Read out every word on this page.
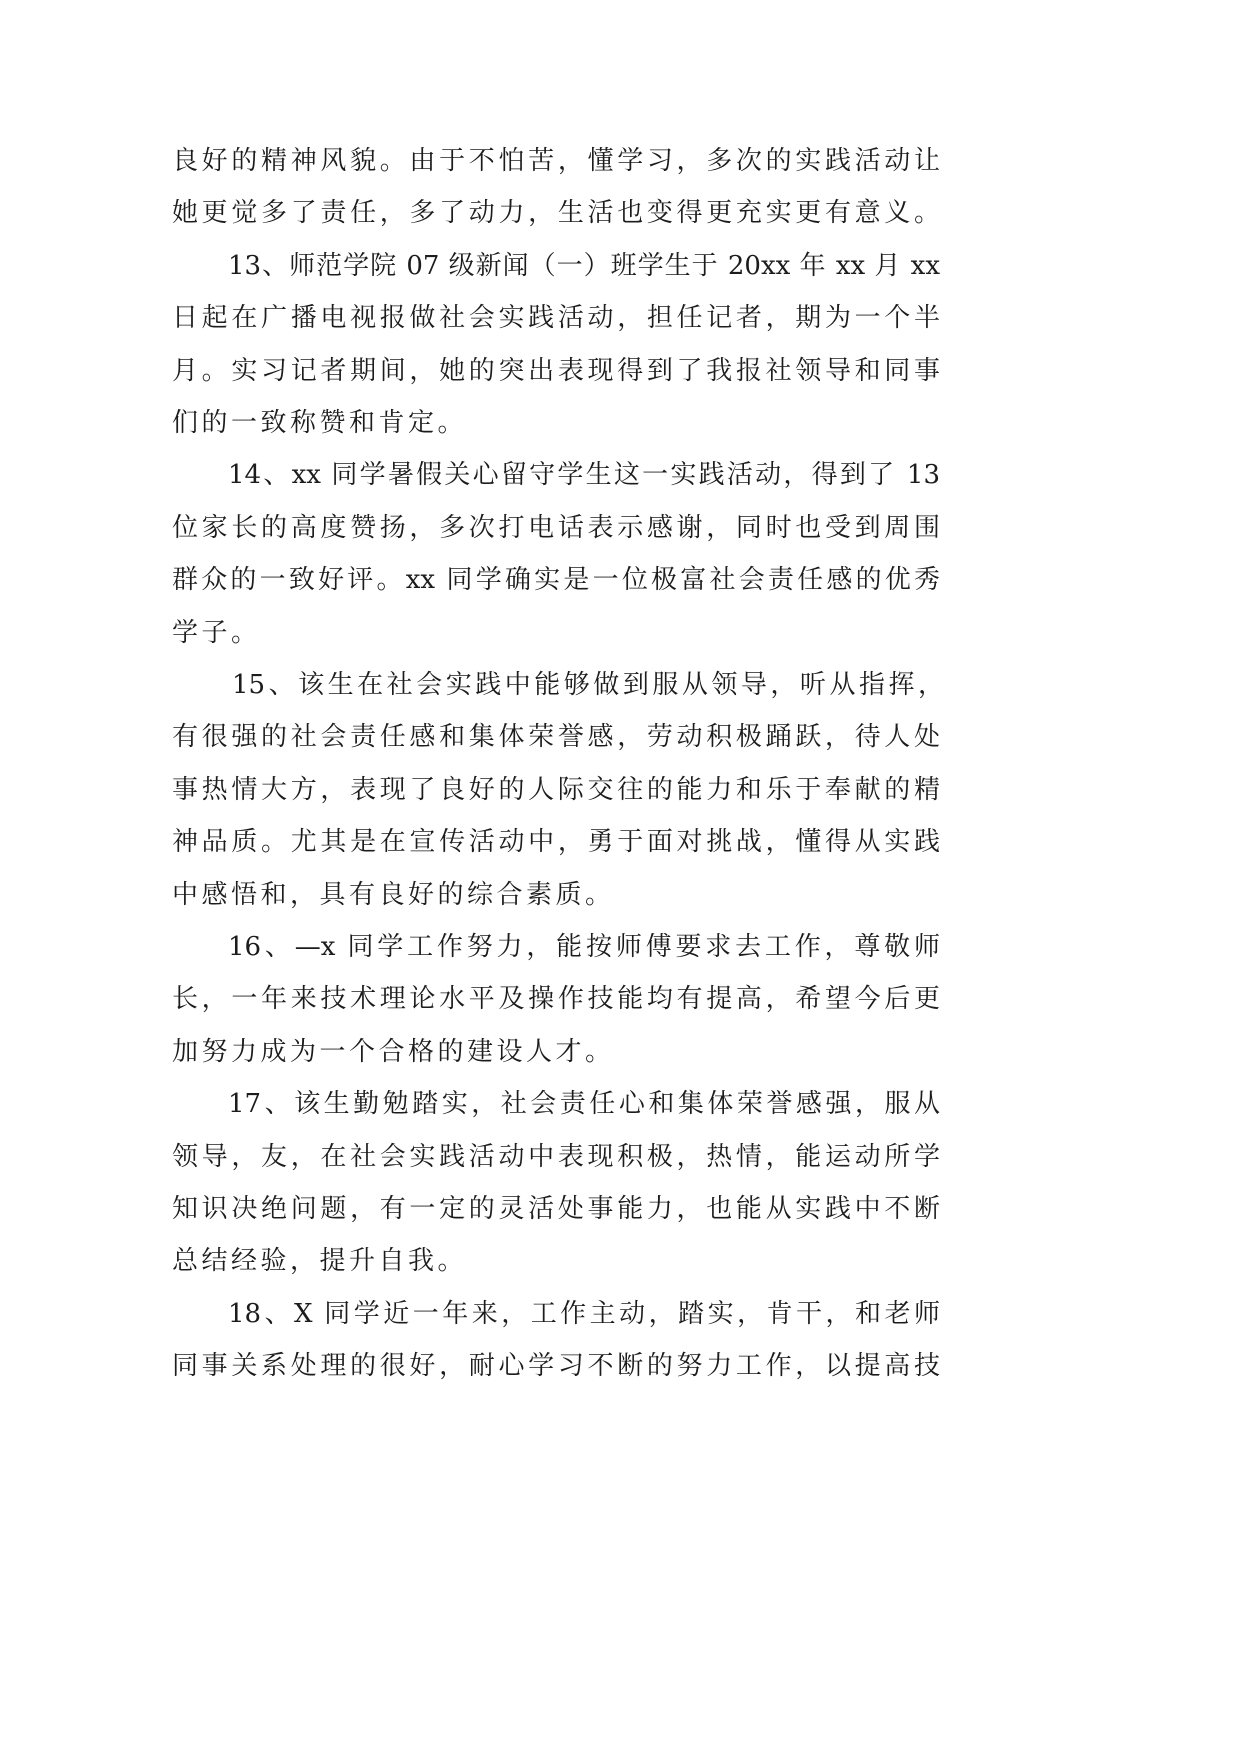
良好的精神风貌。由于不怕苦，懂学习，多次的实践活动让
她更觉多了责任，多了动力，生活也变得更充实更有意义。
13、师范学院 07 级新闻（一）班学生于 20xx 年 xx 月 xx
日起在广播电视报做社会实践活动，担任记者，期为一个半
月。实习记者期间，她的突出表现得到了我报社领导和同事
们的一致称赞和肯定。
14、xx 同学暑假关心留守学生这一实践活动，得到了 13
位家长的高度赞扬，多次打电话表示感谢，同时也受到周围
群众的一致好评。xx 同学确实是一位极富社会责任感的优秀
学子。
15、该生在社会实践中能够做到服从领导，听从指挥，
有很强的社会责任感和集体荣誉感，劳动积极踊跃，待人处
事热情大方，表现了良好的人际交往的能力和乐于奉献的精
神品质。尤其是在宣传活动中，勇于面对挑战，懂得从实践
中感悟和，具有良好的综合素质。
16、—x 同学工作努力，能按师傅要求去工作，尊敬师
长，一年来技术理论水平及操作技能均有提高，希望今后更
加努力成为一个合格的建设人才。
17、该生勤勉踏实，社会责任心和集体荣誉感强，服从
领导，友，在社会实践活动中表现积极，热情，能运动所学
知识决绝问题，有一定的灵活处事能力，也能从实践中不断
总结经验，提升自我。
18、X 同学近一年来，工作主动，踏实，肯干，和老师
同事关系处理的很好，耐心学习不断的努力工作，以提高技
